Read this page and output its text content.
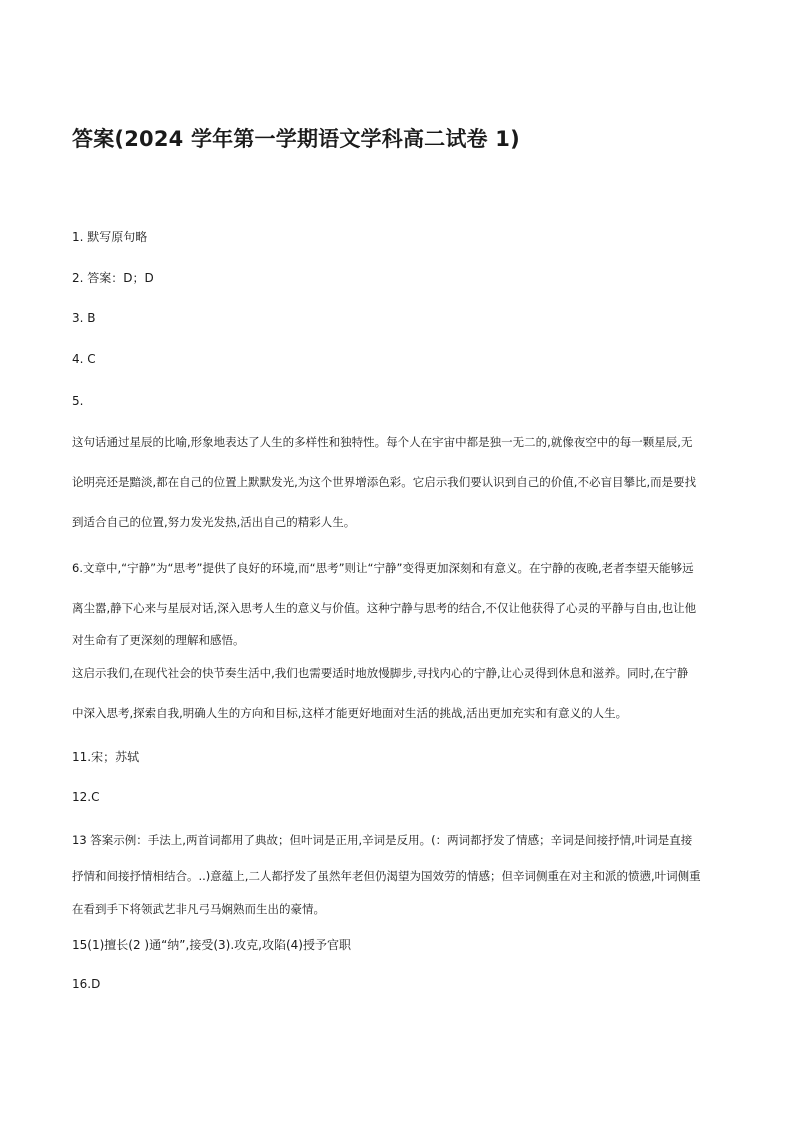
答案(2024 学年第一学期语文学科高二试卷 1)
1. 默写原句略
2. 答案：D；D
3. B
4. C
5.
这句话通过星辰的比喻,形象地表达了人生的多样性和独特性。每个人在宇宙中都是独一无二的,就像夜空中的每一颗星辰,无
论明亮还是黯淡,都在自己的位置上默默发光,为这个世界增添色彩。它启示我们要认识到自己的价值,不必盲目攀比,而是要找
到适合自己的位置,努力发光发热,活出自己的精彩人生。
6.文章中,“宁静”为“思考”提供了良好的环境,而“思考”则让“宁静”变得更加深刻和有意义。在宁静的夜晚,老者李望天能够远
离尘嚣,静下心来与星辰对话,深入思考人生的意义与价值。这种宁静与思考的结合,不仅让他获得了心灵的平静与自由,也让他
对生命有了更深刻的理解和感悟。
这启示我们,在现代社会的快节奏生活中,我们也需要适时地放慢脚步,寻找内心的宁静,让心灵得到休息和滋养。同时,在宁静
中深入思考,探索自我,明确人生的方向和目标,这样才能更好地面对生活的挑战,活出更加充实和有意义的人生。
11.宋；苏轼
12.C
13 答案示例：手法上,两首词都用了典故；但叶词是正用,辛词是反用。(：两词都抒发了情感；辛词是间接抒情,叶词是直接
抒情和间接抒情相结合。..)意蕴上,二人都抒发了虽然年老但仍渴望为国效劳的情感；但辛词侧重在对主和派的愤懑,叶词侧重
在看到手下将领武艺非凡弓马娴熟而生出的豪情。
15(1)擅长(2 )通“纳”,接受(3).攻克,攻陷(4)授予官职
16.D
